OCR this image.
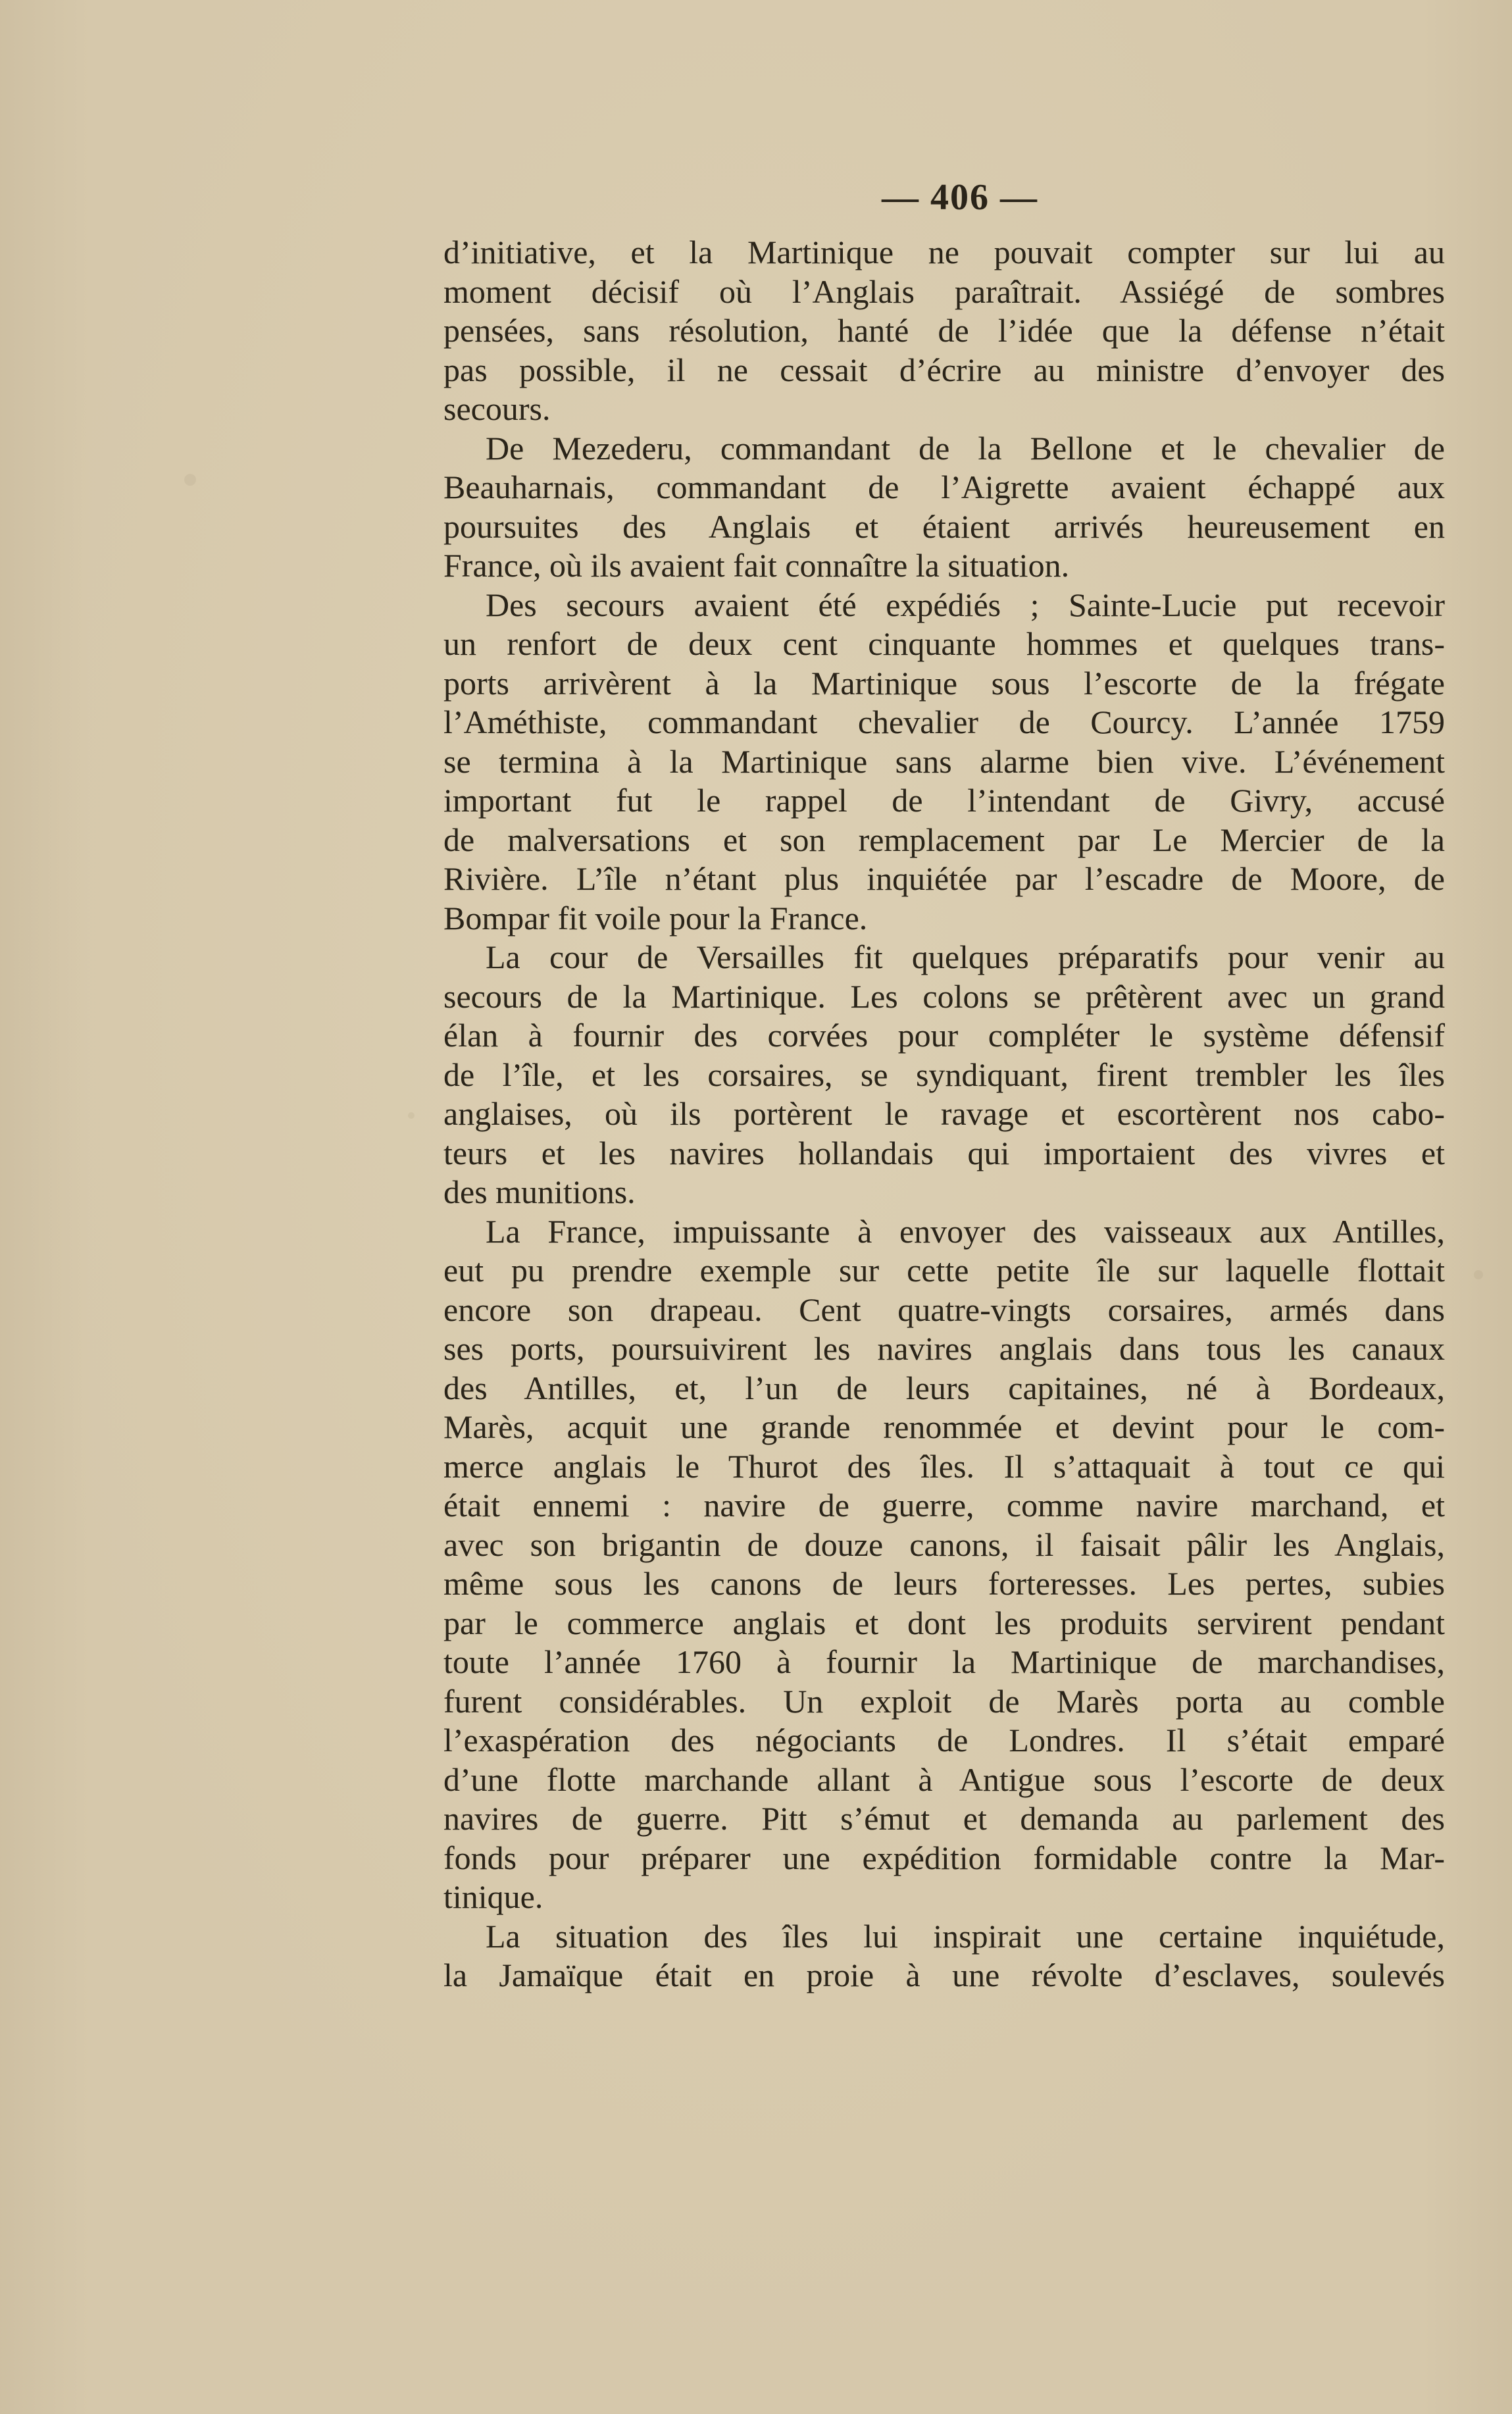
— 406 —
d’initiative, et la Martinique ne pouvait compter sur lui au
moment décisif où l’Anglais paraîtrait. Assiégé de sombres
pensées, sans résolution, hanté de l’idée que la défense n’était
pas possible, il ne cessait d’écrire au ministre d’envoyer des
secours.
De Mezederu, commandant de la Bellone et le chevalier de
Beauharnais, commandant de l’Aigrette avaient échappé aux
poursuites des Anglais et étaient arrivés heureusement en
France, où ils avaient fait connaître la situation.
Des secours avaient été expédiés ; Sainte-Lucie put recevoir
un renfort de deux cent cinquante hommes et quelques trans-
ports arrivèrent à la Martinique sous l’escorte de la frégate
l’Améthiste, commandant chevalier de Courcy. L’année 1759
se termina à la Martinique sans alarme bien vive. L’événement
important fut le rappel de l’intendant de Givry, accusé
de malversations et son remplacement par Le Mercier de la
Rivière. L’île n’étant plus inquiétée par l’escadre de Moore, de
Bompar fit voile pour la France.
La cour de Versailles fit quelques préparatifs pour venir au
secours de la Martinique. Les colons se prêtèrent avec un grand
élan à fournir des corvées pour compléter le système défensif
de l’île, et les corsaires, se syndiquant, firent trembler les îles
anglaises, où ils portèrent le ravage et escortèrent nos cabo-
teurs et les navires hollandais qui importaient des vivres et
des munitions.
La France, impuissante à envoyer des vaisseaux aux Antilles,
eut pu prendre exemple sur cette petite île sur laquelle flottait
encore son drapeau. Cent quatre-vingts corsaires, armés dans
ses ports, poursuivirent les navires anglais dans tous les canaux
des Antilles, et, l’un de leurs capitaines, né à Bordeaux,
Marès, acquit une grande renommée et devint pour le com-
merce anglais le Thurot des îles. Il s’attaquait à tout ce qui
était ennemi : navire de guerre, comme navire marchand, et
avec son brigantin de douze canons, il faisait pâlir les Anglais,
même sous les canons de leurs forteresses. Les pertes, subies
par le commerce anglais et dont les produits servirent pendant
toute l’année 1760 à fournir la Martinique de marchandises,
furent considérables. Un exploit de Marès porta au comble
l’exaspération des négociants de Londres. Il s’était emparé
d’une flotte marchande allant à Antigue sous l’escorte de deux
navires de guerre. Pitt s’émut et demanda au parlement des
fonds pour préparer une expédition formidable contre la Mar-
tinique.
La situation des îles lui inspirait une certaine inquiétude,
la Jamaïque était en proie à une révolte d’esclaves, soulevés
